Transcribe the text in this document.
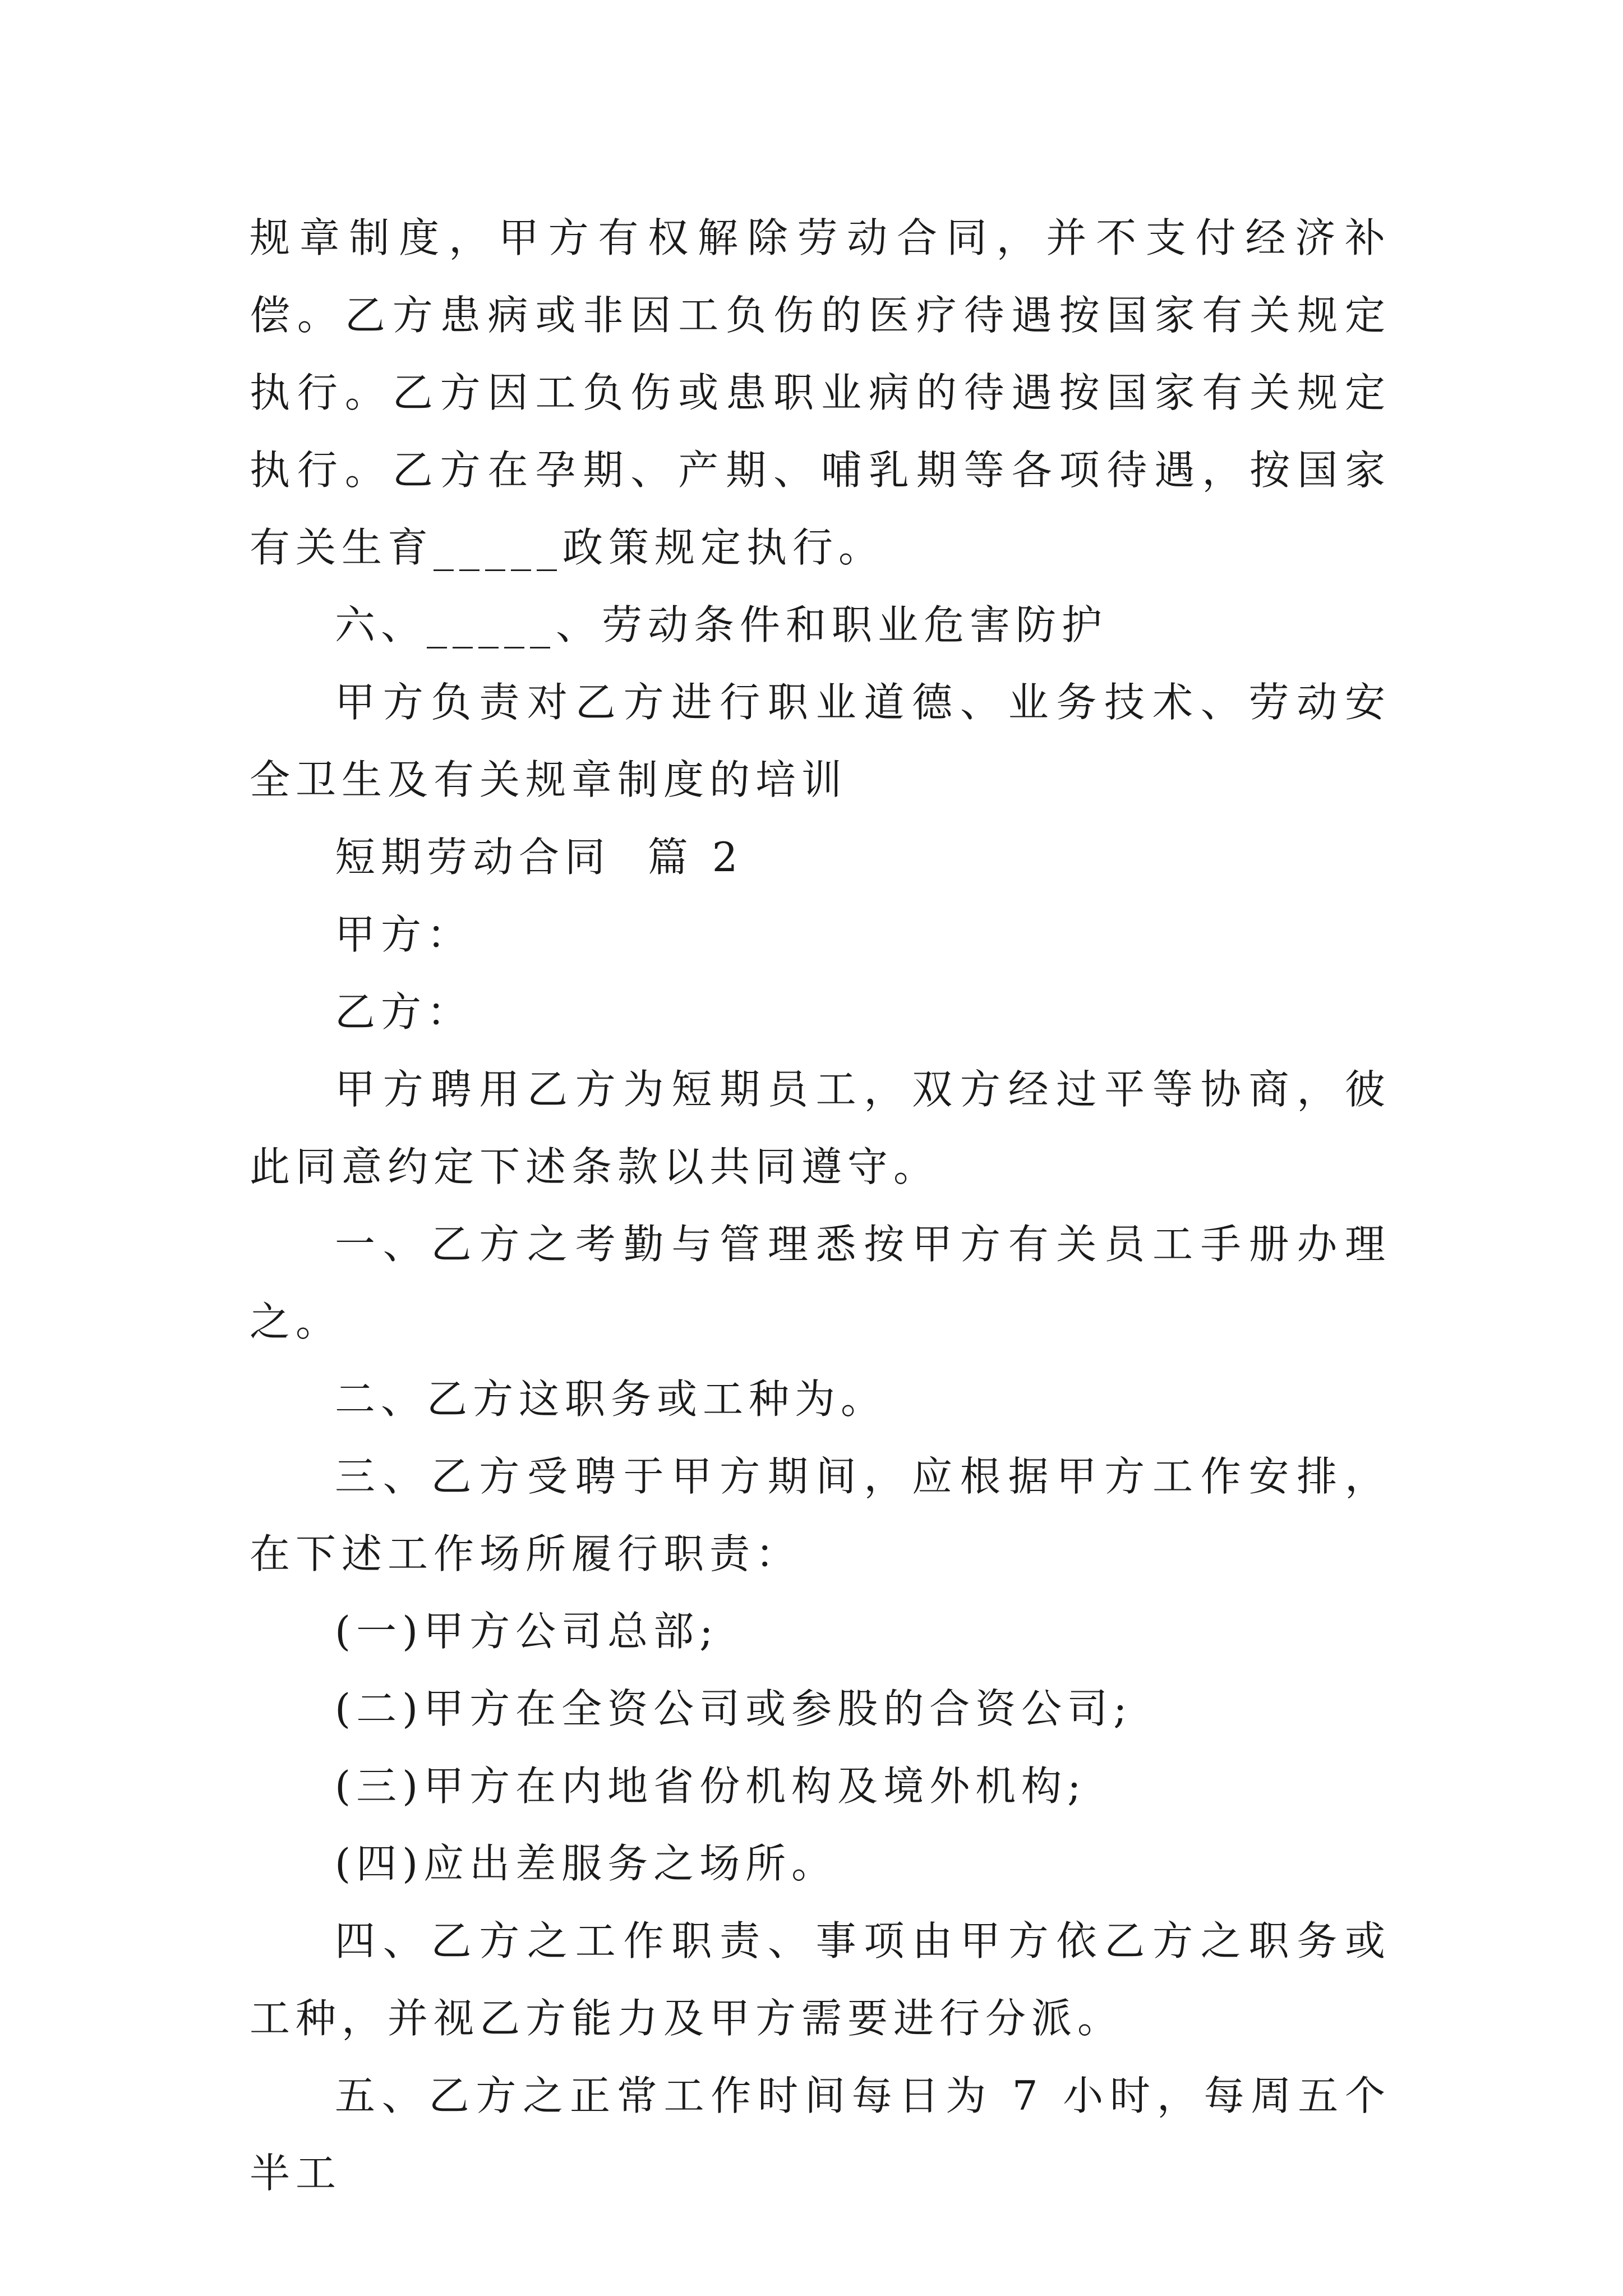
规章制度，甲方有权解除劳动合同，并不支付经济补偿。乙方患病或非因工负伤的医疗待遇按国家有关规定执行。乙方因工负伤或患职业病的待遇按国家有关规定执行。乙方在孕期、产期、哺乳期等各项待遇，按国家有关生育_____政策规定执行。

六、_____、劳动条件和职业危害防护

甲方负责对乙方进行职业道德、业务技术、劳动安全卫生及有关规章制度的培训

短期劳动合同  篇 2

甲方：

乙方：

甲方聘用乙方为短期员工，双方经过平等协商，彼此同意约定下述条款以共同遵守。

一、乙方之考勤与管理悉按甲方有关员工手册办理之。

二、乙方这职务或工种为。

三、乙方受聘于甲方期间，应根据甲方工作安排，在下述工作场所履行职责：

(一)甲方公司总部;

(二)甲方在全资公司或参股的合资公司;

(三)甲方在内地省份机构及境外机构;

(四)应出差服务之场所。

四、乙方之工作职责、事项由甲方依乙方之职务或工种，并视乙方能力及甲方需要进行分派。

五、乙方之正常工作时间每日为 7 小时，每周五个半工
